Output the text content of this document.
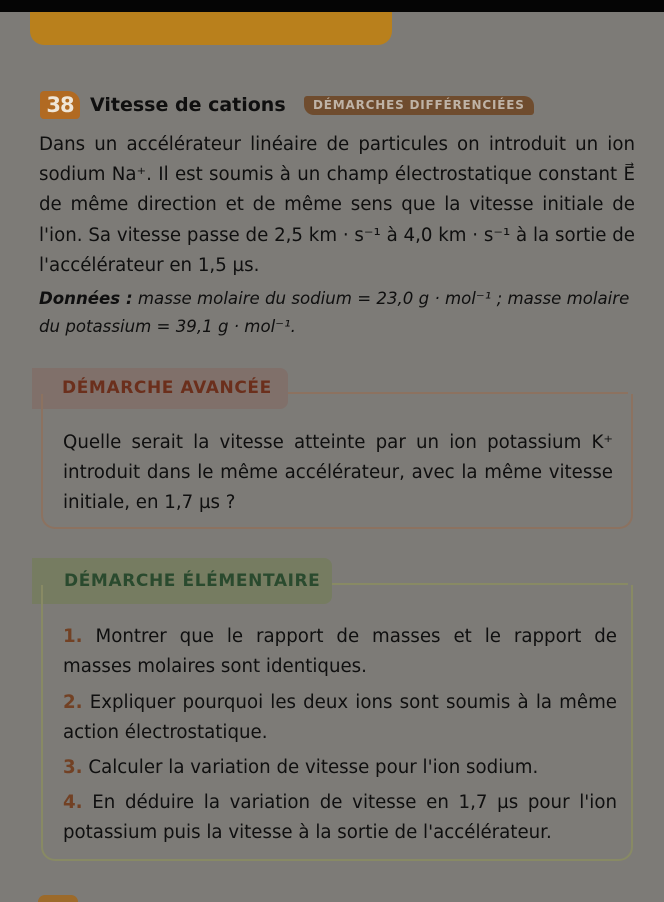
38 Vitesse de cations	DÉMARCHES DIFFÉRENCIÉES
Dans un accélérateur linéaire de particules on introduit un ion sodium Na⁺. Il est soumis à un champ électrostatique constant E⃗ de même direction et de même sens que la vitesse initiale de l'ion. Sa vitesse passe de 2,5 km · s⁻¹ à 4,0 km · s⁻¹ à la sortie de l'accélérateur en 1,5 µs.
Données : masse molaire du sodium = 23,0 g · mol⁻¹ ; masse molaire du potassium = 39,1 g · mol⁻¹.
DÉMARCHE AVANCÉE
Quelle serait la vitesse atteinte par un ion potassium K⁺ introduit dans le même accélérateur, avec la même vitesse initiale, en 1,7 µs ?
DÉMARCHE ÉLÉMENTAIRE
1. Montrer que le rapport de masses et le rapport de masses molaires sont identiques.
2. Expliquer pourquoi les deux ions sont soumis à la même action électrostatique.
3. Calculer la variation de vitesse pour l'ion sodium.
4. En déduire la variation de vitesse en 1,7 µs pour l'ion potassium puis la vitesse à la sortie de l'accélérateur.
